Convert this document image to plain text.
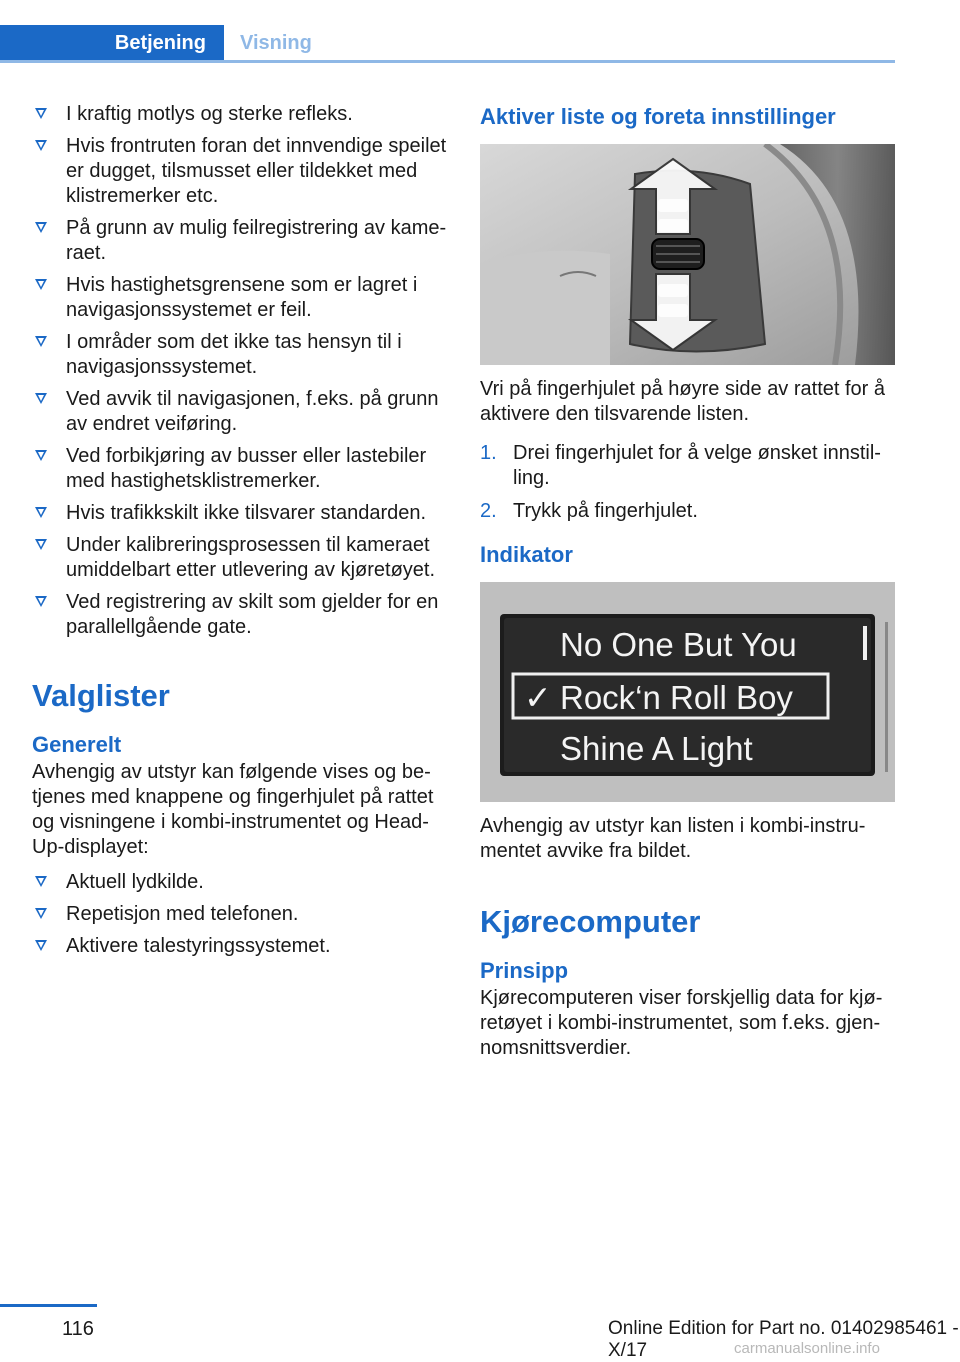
Betjening	Visning
I kraftig motlys og sterke refleks.
Hvis frontruten foran det innvendige speilet er dugget, tilsmusset eller tildekket med klistremerker etc.
På grunn av mulig feilregistrering av kameraet.
Hvis hastighetsgrensene som er lagret i navigasjonssystemet er feil.
I områder som det ikke tas hensyn til i navigasjonssystemet.
Ved avvik til navigasjonen, f.eks. på grunn av endret veiføring.
Ved forbikjøring av busser eller lastebiler med hastighetsklistremerker.
Hvis trafikkskilt ikke tilsvarer standarden.
Under kalibreringsprosessen til kameraet umiddelbart etter utlevering av kjøretøyet.
Ved registrering av skilt som gjelder for en parallellgående gate.
Valglister
Generelt

Avhengig av utstyr kan følgende vises og betjenes med knappene og fingerhjulet på rattet og visningene i kombi-instrumentet og Head-Up-displayet:

Aktuell lydkilde.
Repetisjon med telefonen.
Aktivere talestyringssystemet.
Aktiver liste og foreta innstillinger

Vri på fingerhjulet på høyre side av rattet for å aktivere den tilsvarende listen.

1. Drei fingerhjulet for å velge ønsket innstilling.
2. Trykk på fingerhjulet.
Indikator
No One But You
✓ Rock‘n Roll Boy
Shine A Light

Avhengig av utstyr kan listen i kombi-instrumentet avvike fra bildet.

Kjørecomputer
Prinsipp

Kjørecomputeren viser forskjellig data for kjøretøyet i kombi-instrumentet, som f.eks. gjennomsnittsverdier.

116	Online Edition for Part no. 01402985461 - X/17	carmanualsonline.info
